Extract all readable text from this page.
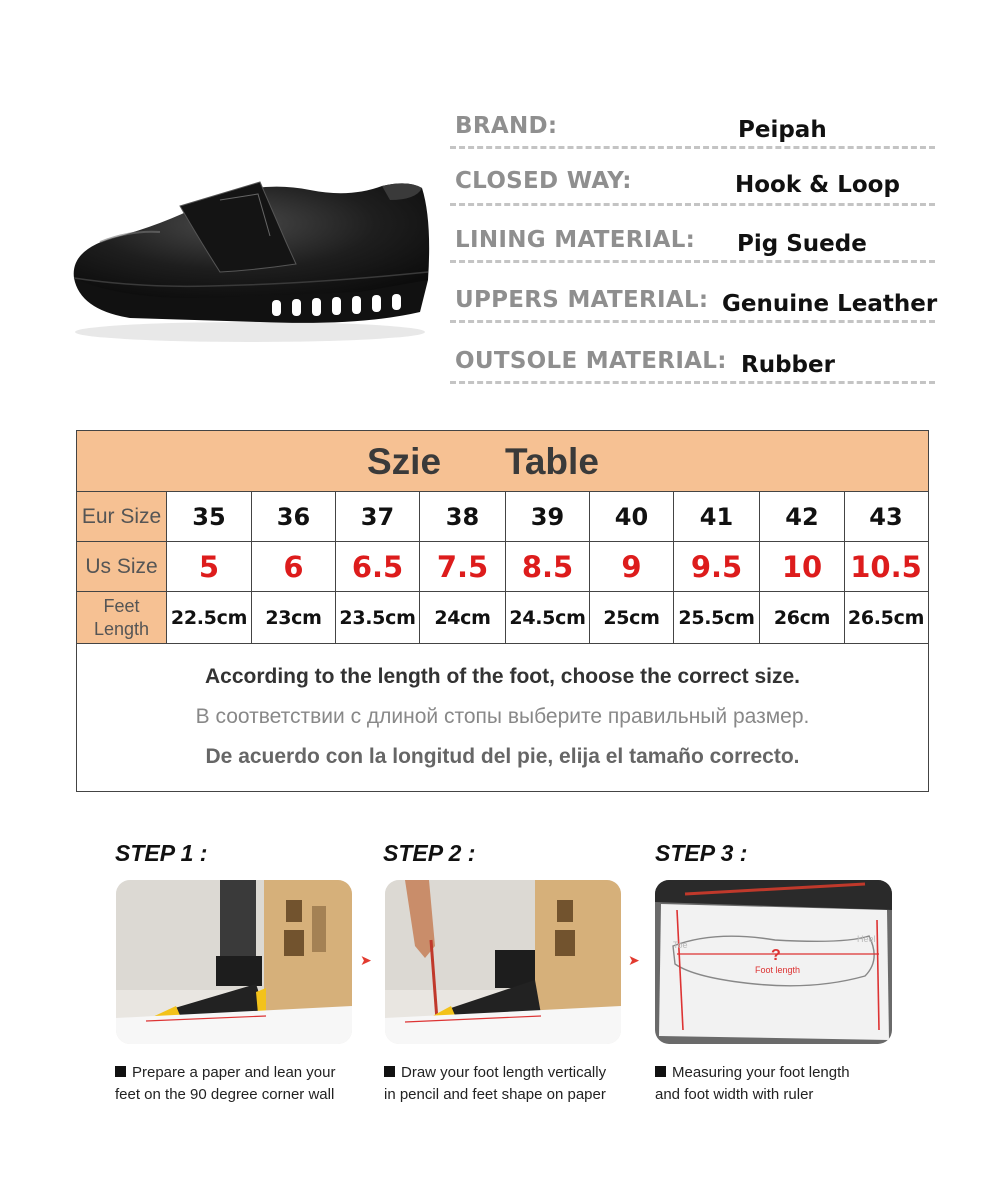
BRAND:	Peipah
CLOSED WAY:	Hook & Loop
LINING MATERIAL: Pig Suede
UPPERS MATERIAL: Genuine Leather
OUTSOLE MATERIAL: Rubber
Szie Table
Eur Size	35	36	37	38	39	40	41	42	43
Us Size	5	6	6.5	7.5	8.5	9	9.5	10 10.5
Feet
Length 22.5cm 23cm 23.5cm 24cm 24.5cm 25cm 25.5cm	26cm 26.5cm
According to the length of the foot, choose the correct size.
В соответствии с длиной стопы выберите правильный размер.
De acuerdo con la longitud del pie, elija el tamaño correcto.
STEP 1 :	STEP 2 :	STEP 3 :
➤	➤
Toe
Heel
?
Foot length
Prepare a paper and lean your
feet on the 90 degree corner wall
Draw your foot length vertically
in pencil and feet shape on paper
Measuring your foot length
and foot width with ruler
